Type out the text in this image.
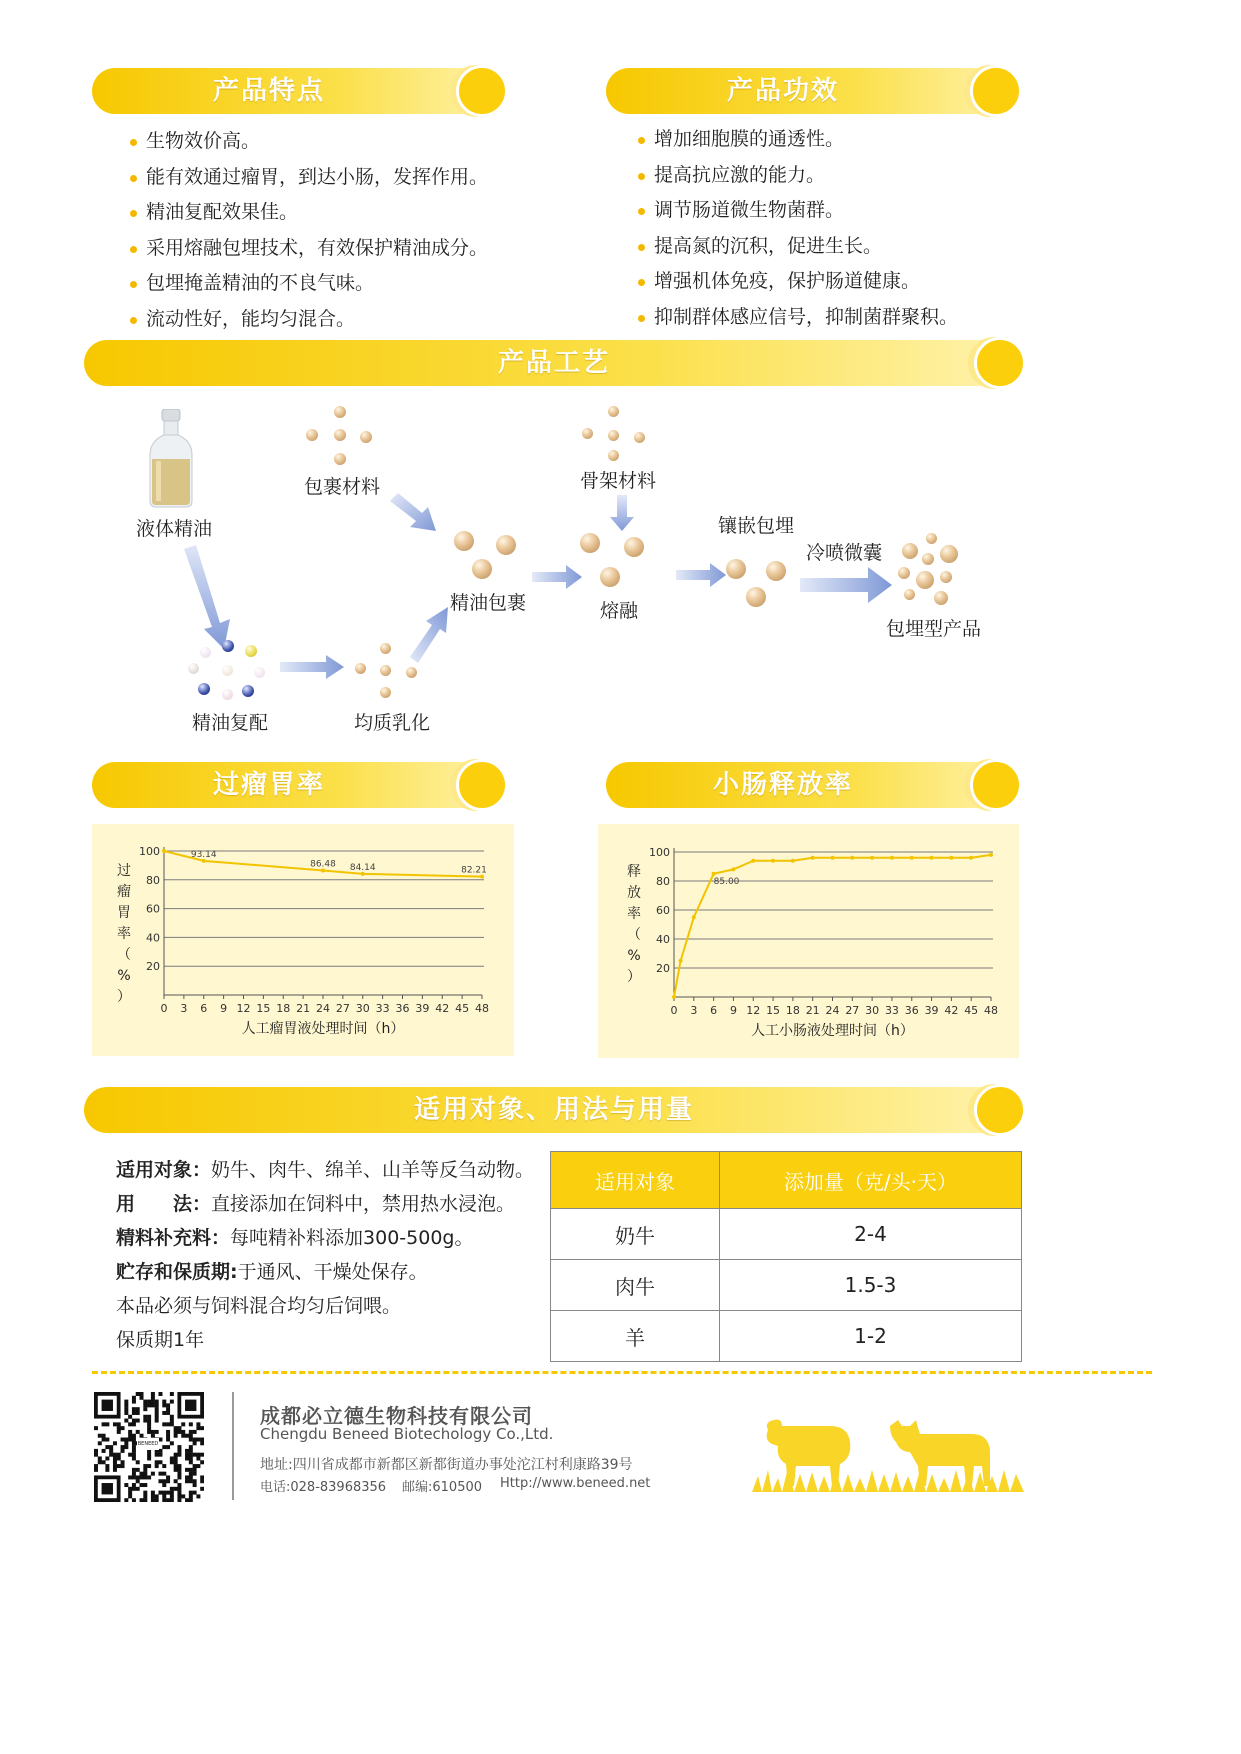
产品特点	产品功效
生物效价高。
能有效通过瘤胃，到达小肠，发挥作用。
精油复配效果佳。
采用熔融包埋技术，有效保护精油成分。
包埋掩盖精油的不良气味。
流动性好，能均匀混合。
增加细胞膜的通透性。
提高抗应激的能力。
调节肠道微生物菌群。
提高氮的沉积，促进生长。
增强机体免疫，保护肠道健康。
抑制群体感应信号，抑制菌群聚积。
产品工艺
液体精油
包裹材料
精油复配	均质乳化
精油包裹
骨架材料
熔融
镶嵌包埋
冷喷微囊
包埋型产品
过瘤胃率	小肠释放率
20
40
60
80
100
0 3 6 9 12 15 18 21 24 27 30 33 36 39 42 45 48
93.14
86.48 84.14	82.21
人工瘤胃液处理时间（h）
过
瘤
胃
率
（
%
）
20
40
60
80
100
0 3 6 9 12 15 18 21 24 27 30 33 36 39 42 45 48
85.00
人工小肠液处理时间（h）
释
放
率
（
%
）
适用对象、用法与用量
适用对象：奶牛、肉牛、绵羊、山羊等反刍动物。
用　　法：直接添加在饲料中，禁用热水浸泡。
精料补充料：每吨精补料添加300-500g。
贮存和保质期:于通风、干燥处保存。
本品必须与饲料混合均匀后饲喂。
保质期1年
适用对象	添加量（克/头·天）
奶牛	2-4
肉牛	1.5-3
羊	1-2
BENEED
成都必立德生物科技有限公司
Chengdu Beneed Biotechology Co.,Ltd.
地址:四川省成都市新都区新都街道办事处沱江村利康路39号
电话:028-83968356 邮编:610500 Http://www.beneed.net
